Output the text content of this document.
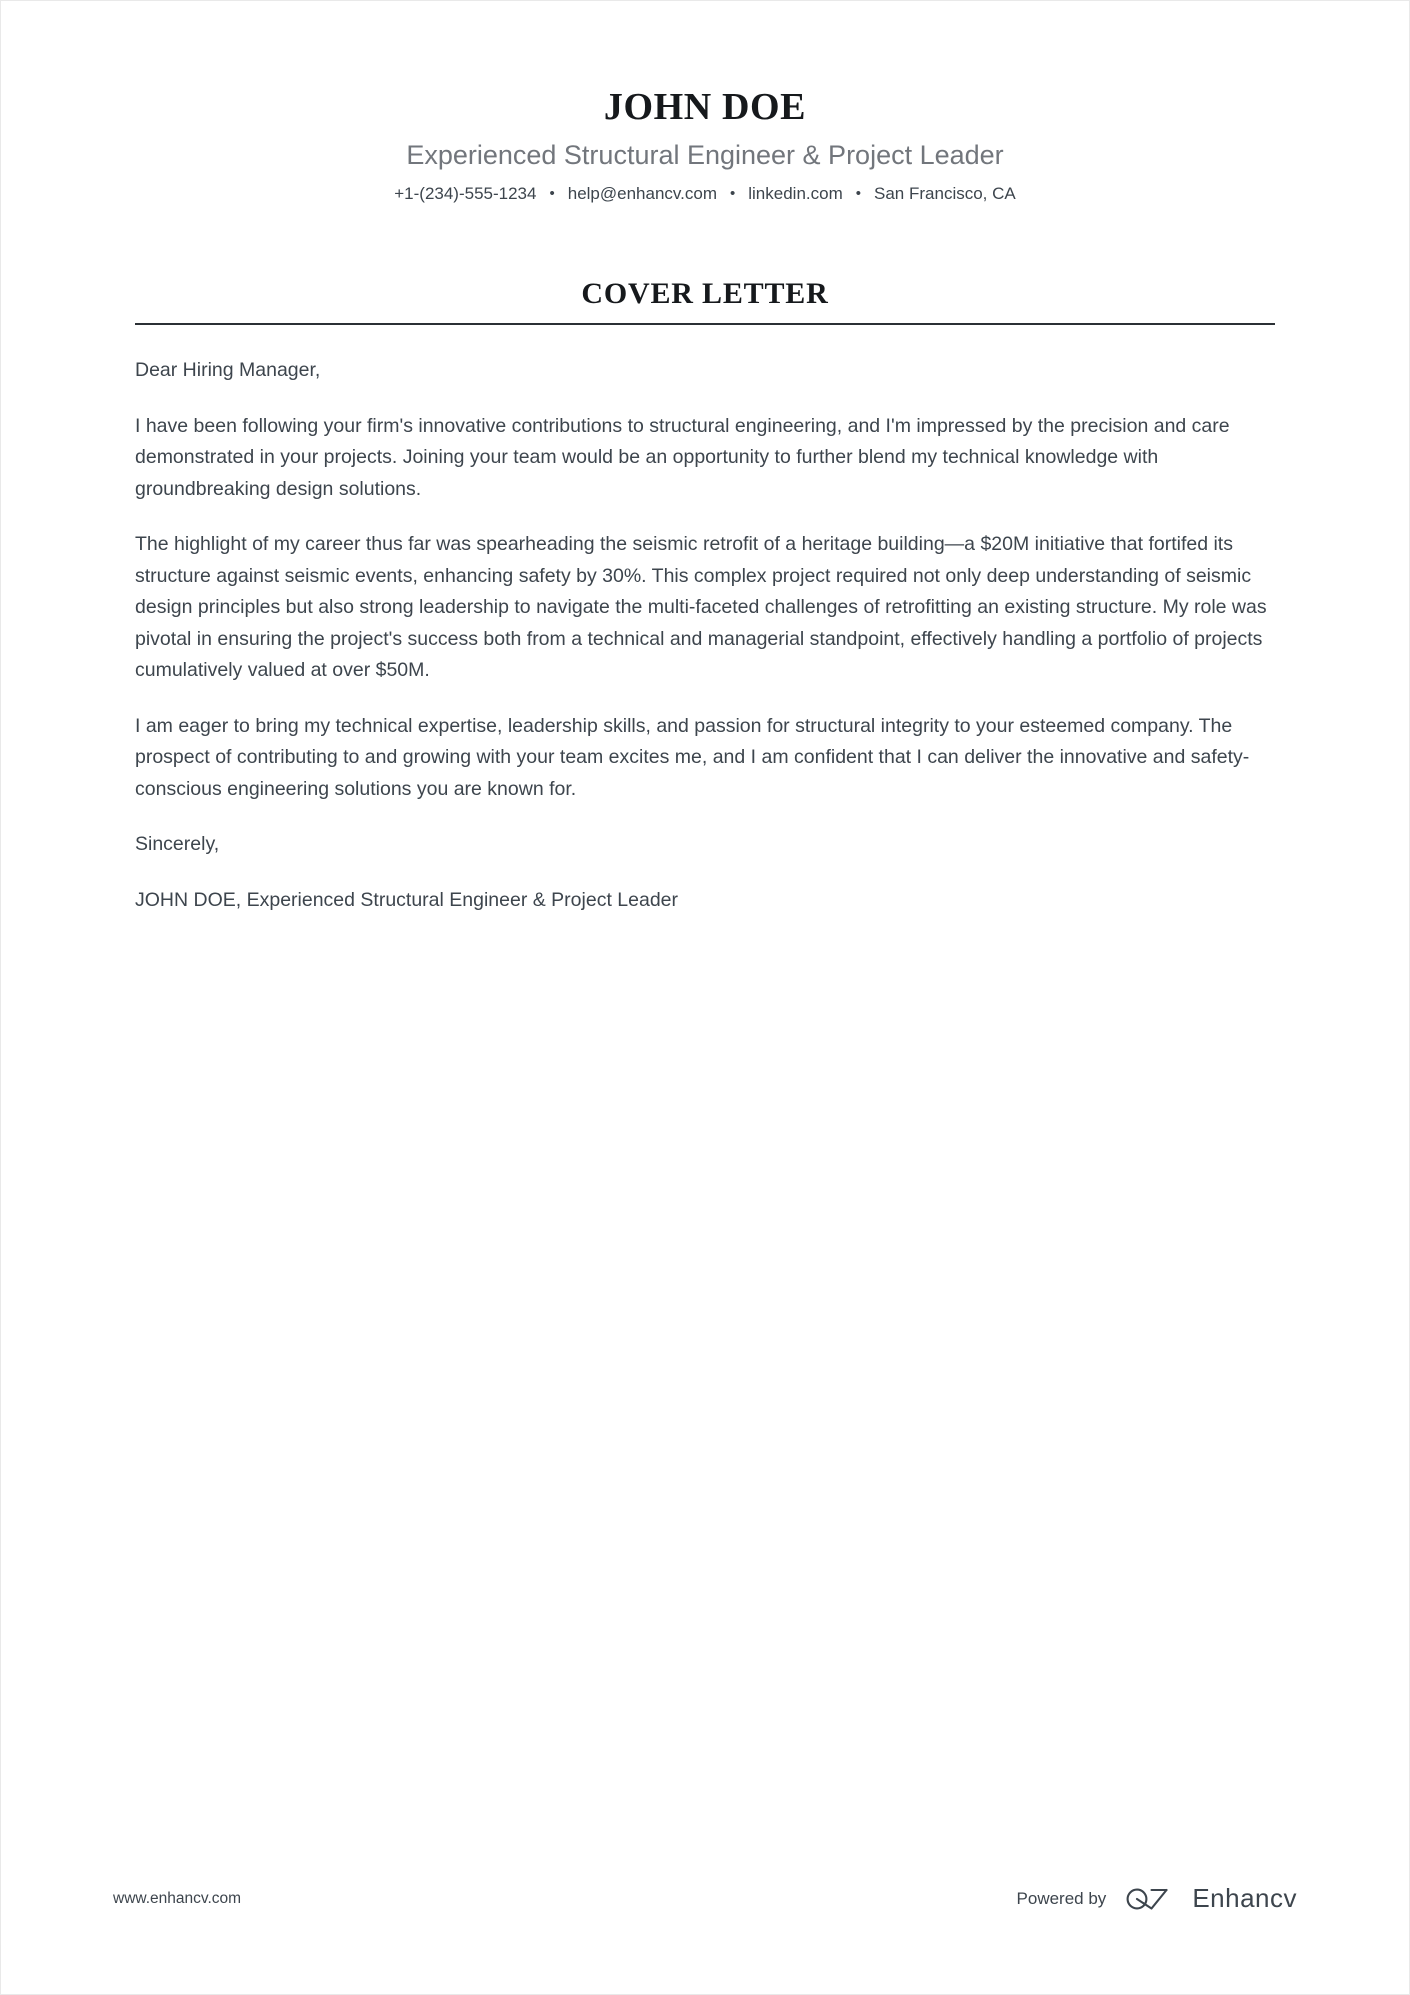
JOHN DOE
Experienced Structural Engineer & Project Leader
+1-(234)-555-1234 • help@enhancv.com • linkedin.com • San Francisco, CA
COVER LETTER

Dear Hiring Manager,

I have been following your firm's innovative contributions to structural engineering, and I'm impressed by the precision and care demonstrated in your projects. Joining your team would be an opportunity to further blend my technical knowledge with groundbreaking design solutions.

The highlight of my career thus far was spearheading the seismic retrofit of a heritage building—a $20M initiative that fortifed its structure against seismic events, enhancing safety by 30%. This complex project required not only deep understanding of seismic design principles but also strong leadership to navigate the multi-faceted challenges of retrofitting an existing structure. My role was pivotal in ensuring the project's success both from a technical and managerial standpoint, effectively handling a portfolio of projects cumulatively valued at over $50M.

I am eager to bring my technical expertise, leadership skills, and passion for structural integrity to your esteemed company. The prospect of contributing to and growing with your team excites me, and I am confident that I can deliver the innovative and safety-conscious engineering solutions you are known for.

Sincerely,

JOHN DOE, Experienced Structural Engineer & Project Leader

www.enhancv.com	Powered by	Enhancv
